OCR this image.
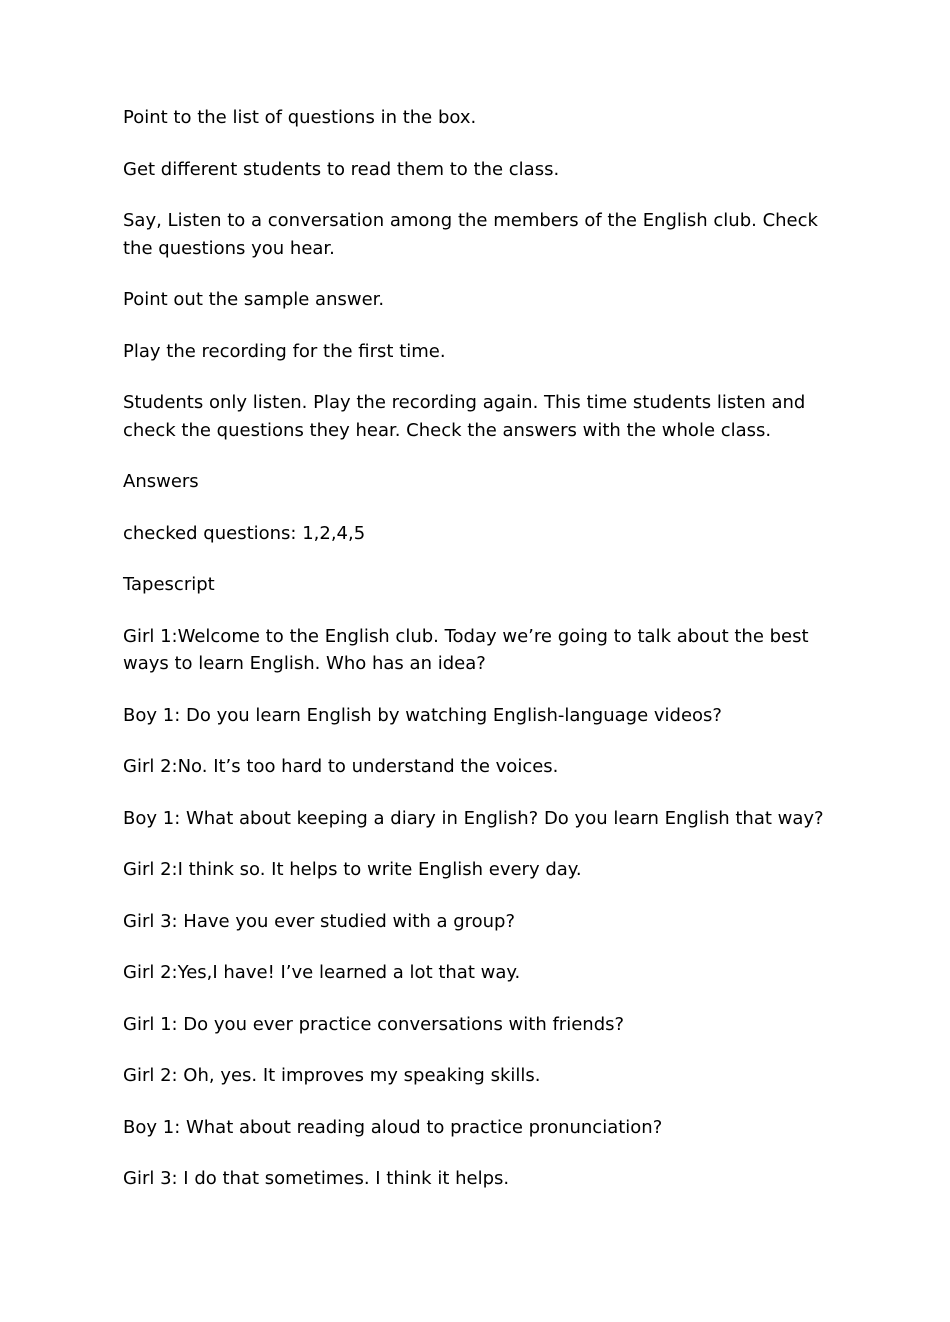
Point to the list of questions in the box.

Get different students to read them to the class.

Say, Listen to a conversation among the members of the English club. Check the questions you hear.

Point out the sample answer.

Play the recording for the first time.

Students only listen. Play the recording again. This time students listen and check the questions they hear. Check the answers with the whole class.

Answers

checked questions: 1,2,4,5

Tapescript

Girl 1:Welcome to the English club. Today we’re going to talk about the best ways to learn English. Who has an idea?

Boy 1: Do you learn English by watching English-language videos?

Girl 2:No. It’s too hard to understand the voices.

Boy 1: What about keeping a diary in English? Do you learn English that way?

Girl 2:I think so. It helps to write English every day.

Girl 3: Have you ever studied with a group?

Girl 2:Yes,I have! I’ve learned a lot that way.

Girl 1: Do you ever practice conversations with friends?

Girl 2: Oh, yes. It improves my speaking skills.

Boy 1: What about reading aloud to practice pronunciation?

Girl 3: I do that sometimes. I think it helps.
